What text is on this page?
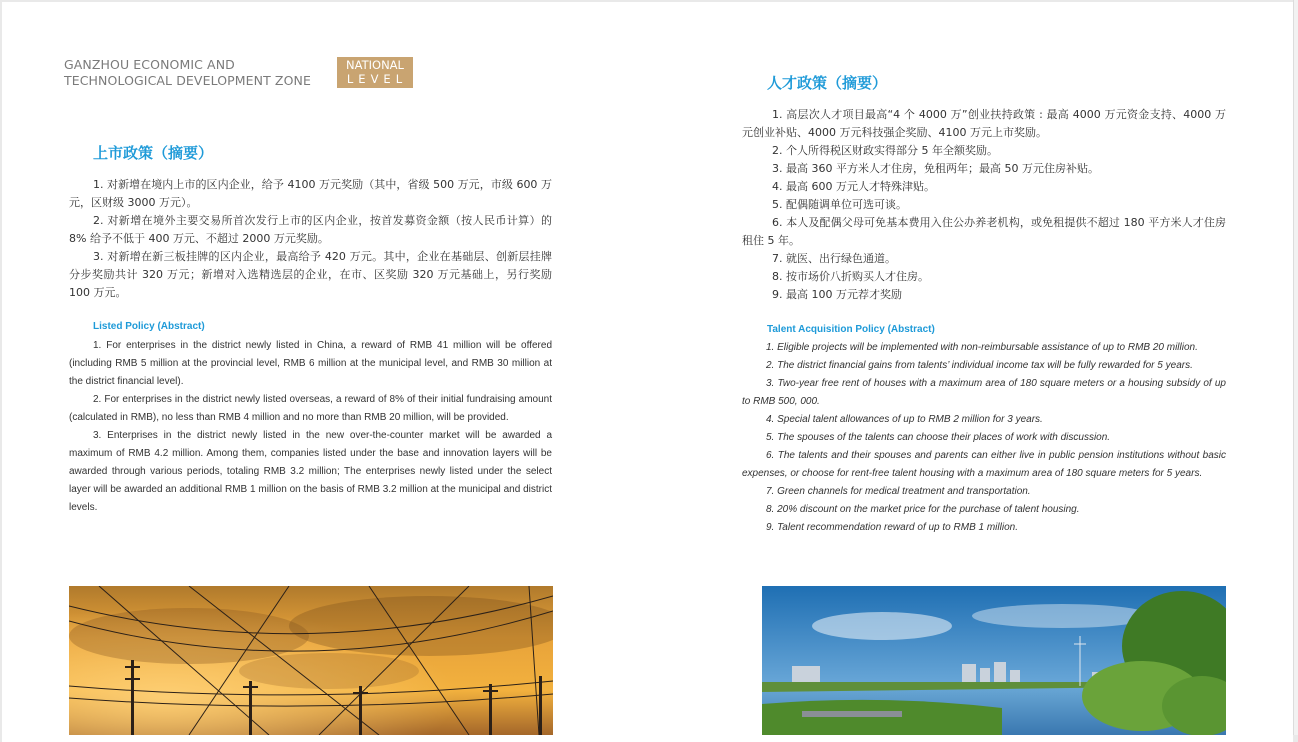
GANZHOU ECONOMIC AND
TECHNOLOGICAL DEVELOPMENT ZONE
NATIONAL
LEVEL
上市政策（摘要）

1. 对新增在境内上市的区内企业，给予 4100 万元奖励（其中，省级 500 万元，市级 600 万元，区财级 3000 万元）。

2. 对新增在境外主要交易所首次发行上市的区内企业，按首发募资金额（按人民币计算）的 8% 给予不低于 400 万元、不超过 2000 万元奖励。

3. 对新增在新三板挂牌的区内企业，最高给予 420 万元。其中，企业在基础层、创新层挂牌分步奖励共计 320 万元；新增对入选精选层的企业，在市、区奖励 320 万元基础上，另行奖励 100 万元。

Listed Policy (Abstract)

1. For enterprises in the district newly listed in China, a reward of RMB 41 million will be offered (including RMB 5 million at the provincial level, RMB 6 million at the municipal level, and RMB 30 million at the district financial level).

2. For enterprises in the district newly listed overseas, a reward of 8% of their initial fundraising amount (calculated in RMB), no less than RMB 4 million and no more than RMB 20 million, will be provided.

3. Enterprises in the district newly listed in the new over-the-counter market will be awarded a maximum of RMB 4.2 million. Among them, companies listed under the base and innovation layers will be awarded through various periods, totaling RMB 3.2 million; The enterprises newly listed under the select layer will be awarded an additional RMB 1 million on the basis of RMB 3.2 million at the municipal and district levels.

人才政策（摘要）

1. 高层次人才项目最高“4 个 4000 万”创业扶持政策 : 最高 4000 万元资金支持、4000 万元创业补贴、4000 万元科技强企奖励、4100 万元上市奖励。

2. 个人所得税区财政实得部分 5 年全额奖励。

3. 最高 360 平方米人才住房，免租两年；最高 50 万元住房补贴。

4. 最高 600 万元人才特殊津贴。

5. 配偶随调单位可选可谈。

6. 本人及配偶父母可免基本费用入住公办养老机构，或免租提供不超过 180 平方米人才住房租住 5 年。

7. 就医、出行绿色通道。

8. 按市场价八折购买人才住房。

9. 最高 100 万元荐才奖励

Talent Acquisition Policy (Abstract)

1. Eligible projects will be implemented with non-reimbursable assistance of up to RMB 20 million.

2. The district financial gains from talents’ individual income tax will be fully rewarded for 5 years.

3. Two-year free rent of houses with a maximum area of 180 square meters or a housing subsidy of up to RMB 500, 000.

4. Special talent allowances of up to RMB 2 million for 3 years.

5. The spouses of the talents can choose their places of work with discussion.

6. The talents and their spouses and parents can either live in public pension institutions without basic expenses, or choose for rent-free talent housing with a maximum area of 180 square meters for 5 years.

7. Green channels for medical treatment and transportation.

8. 20% discount on the market price for the purchase of talent housing.

9. Talent recommendation reward of up to RMB 1 million.
